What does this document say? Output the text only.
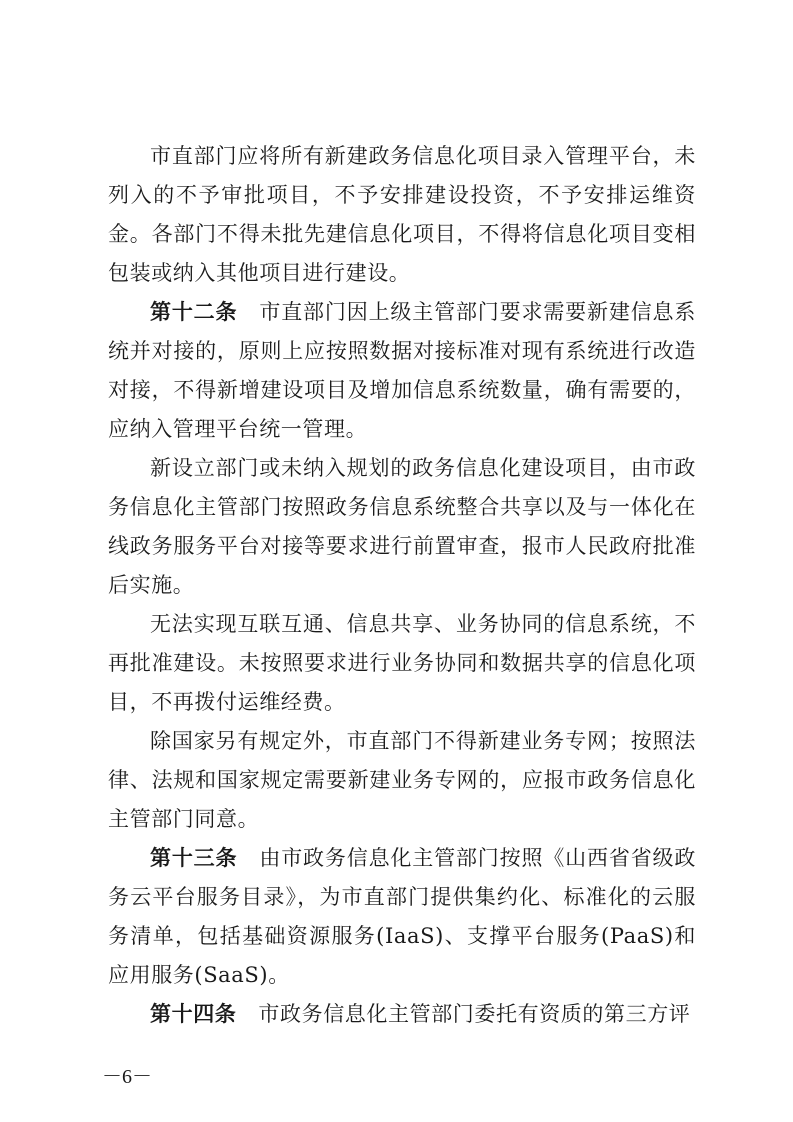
市直部门应将所有新建政务信息化项目录入管理平台，未列入的不予审批项目，不予安排建设投资，不予安排运维资金。各部门不得未批先建信息化项目，不得将信息化项目变相包装或纳入其他项目进行建设。

第十二条 市直部门因上级主管部门要求需要新建信息系统并对接的，原则上应按照数据对接标准对现有系统进行改造对接，不得新增建设项目及增加信息系统数量，确有需要的，应纳入管理平台统一管理。

新设立部门或未纳入规划的政务信息化建设项目，由市政务信息化主管部门按照政务信息系统整合共享以及与一体化在线政务服务平台对接等要求进行前置审查，报市人民政府批准后实施。

无法实现互联互通、信息共享、业务协同的信息系统，不再批准建设。未按照要求进行业务协同和数据共享的信息化项目，不再拨付运维经费。

除国家另有规定外，市直部门不得新建业务专网；按照法律、法规和国家规定需要新建业务专网的，应报市政务信息化主管部门同意。

第十三条 由市政务信息化主管部门按照《山西省省级政务云平台服务目录》，为市直部门提供集约化、标准化的云服务清单，包括基础资源服务(IaaS)、支撑平台服务(PaaS)和应用服务(SaaS)。

第十四条 市政务信息化主管部门委托有资质的第三方评

－6－
